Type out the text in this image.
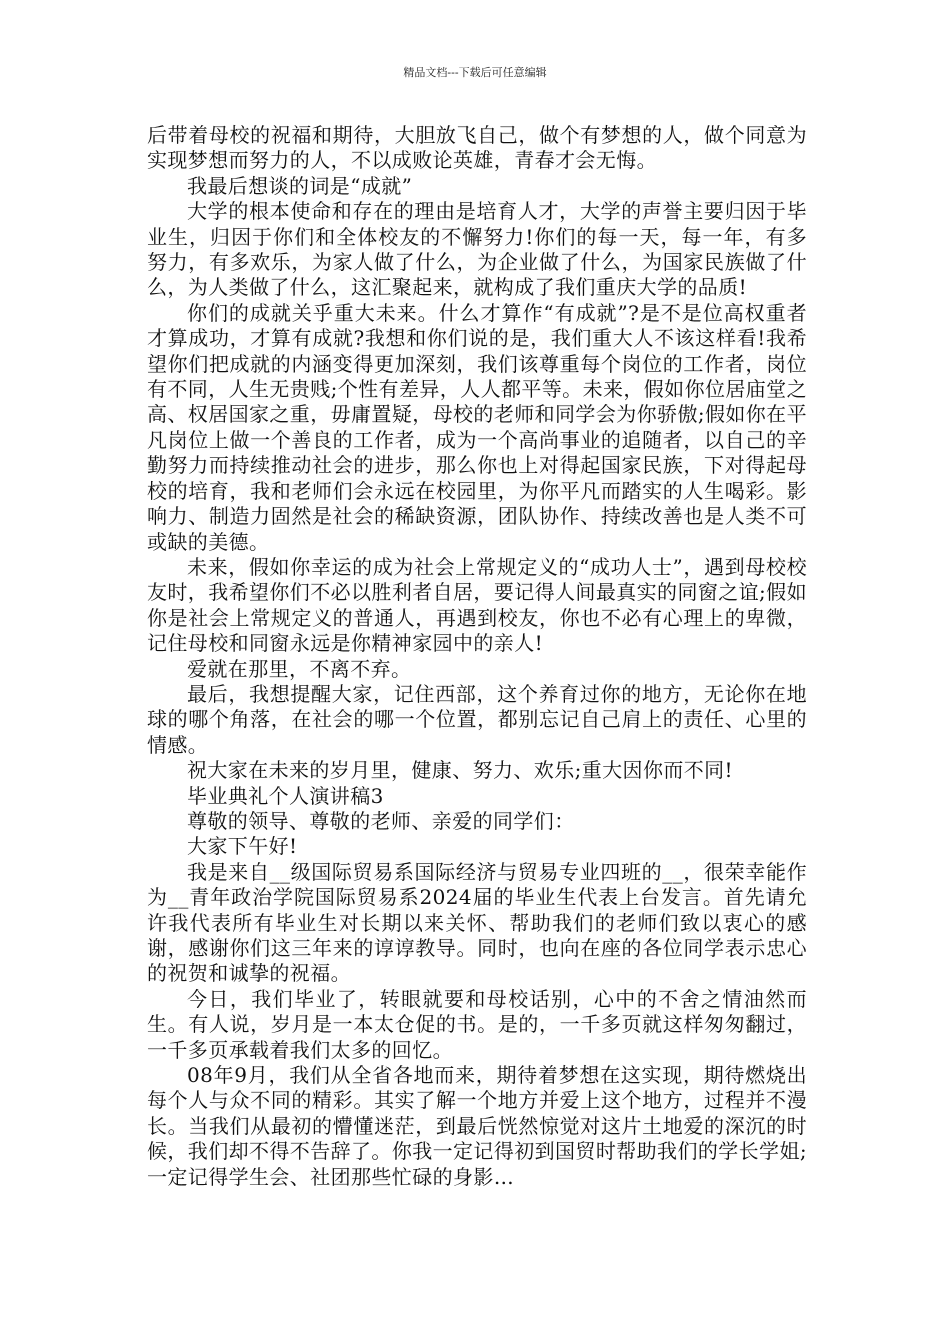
精品文档---下载后可任意编辑

后带着母校的祝福和期待，大胆放飞自己，做个有梦想的人，做个同意为实现梦想而努力的人，不以成败论英雄，青春才会无悔。

我最后想谈的词是“成就”

大学的根本使命和存在的理由是培育人才，大学的声誉主要归因于毕业生，归因于你们和全体校友的不懈努力!你们的每一天，每一年，有多努力，有多欢乐，为家人做了什么，为企业做了什么，为国家民族做了什么，为人类做了什么，这汇聚起来，就构成了我们重庆大学的品质!

你们的成就关乎重大未来。什么才算作“有成就”?是不是位高权重者才算成功，才算有成就?我想和你们说的是，我们重大人不该这样看!我希望你们把成就的内涵变得更加深刻，我们该尊重每个岗位的工作者，岗位有不同，人生无贵贱;个性有差异，人人都平等。未来，假如你位居庙堂之高、权居国家之重，毋庸置疑，母校的老师和同学会为你骄傲;假如你在平凡岗位上做一个善良的工作者，成为一个高尚事业的追随者，以自己的辛勤努力而持续推动社会的进步，那么你也上对得起国家民族，下对得起母校的培育，我和老师们会永远在校园里，为你平凡而踏实的人生喝彩。影响力、制造力固然是社会的稀缺资源，团队协作、持续改善也是人类不可或缺的美德。

未来，假如你幸运的成为社会上常规定义的“成功人士”，遇到母校校友时，我希望你们不必以胜利者自居，要记得人间最真实的同窗之谊;假如你是社会上常规定义的普通人，再遇到校友，你也不必有心理上的卑微，记住母校和同窗永远是你精神家园中的亲人!

爱就在那里，不离不弃。

最后，我想提醒大家，记住西部，这个养育过你的地方，无论你在地球的哪个角落，在社会的哪一个位置，都别忘记自己肩上的责任、心里的情感。

祝大家在未来的岁月里，健康、努力、欢乐;重大因你而不同!

毕业典礼个人演讲稿3

尊敬的领导、尊敬的老师、亲爱的同学们：

大家下午好!

我是来自__级国际贸易系国际经济与贸易专业四班的__，很荣幸能作为__青年政治学院国际贸易系2024届的毕业生代表上台发言。首先请允许我代表所有毕业生对长期以来关怀、帮助我们的老师们致以衷心的感谢，感谢你们这三年来的谆谆教导。同时，也向在座的各位同学表示忠心的祝贺和诚挚的祝福。

今日，我们毕业了，转眼就要和母校话别，心中的不舍之情油然而生。有人说，岁月是一本太仓促的书。是的，一千多页就这样匆匆翻过，一千多页承载着我们太多的回忆。

08年9月，我们从全省各地而来，期待着梦想在这实现，期待燃烧出每个人与众不同的精彩。其实了解一个地方并爱上这个地方，过程并不漫长。当我们从最初的懵懂迷茫，到最后恍然惊觉对这片土地爱的深沉的时候，我们却不得不告辞了。你我一定记得初到国贸时帮助我们的学长学姐;一定记得学生会、社团那些忙碌的身影…
